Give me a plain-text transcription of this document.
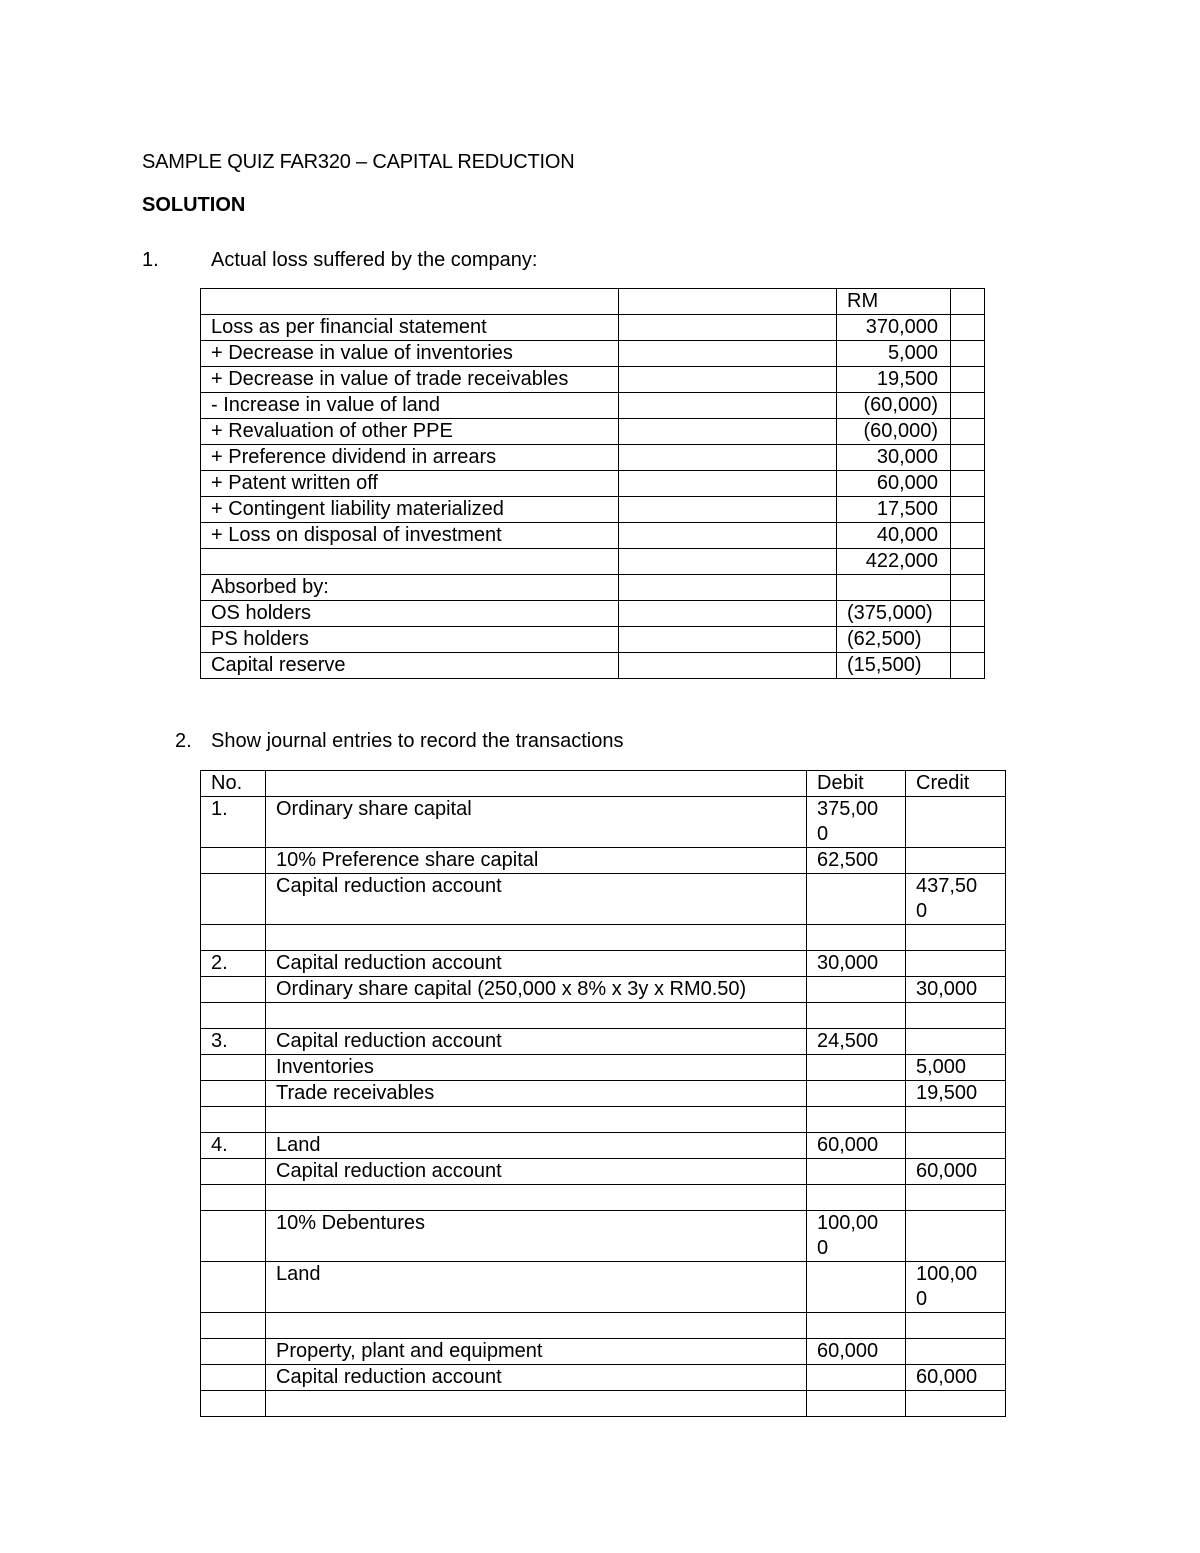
SAMPLE QUIZ FAR320 – CAPITAL REDUCTION
SOLUTION
1.	Actual loss suffered by the company:
		RM	
Loss as per financial statement		370,000	
+ Decrease in value of inventories		5,000	
+ Decrease in value of trade receivables		19,500	
- Increase in value of land		(60,000)	
+ Revaluation of other PPE		(60,000)	
+ Preference dividend in arrears		30,000	
+ Patent written off		60,000	
+ Contingent liability materialized		17,500	
+ Loss on disposal of investment		40,000	
		422,000	
Absorbed by:			
OS holders		(375,000)	
PS holders		(62,500)	
Capital reserve		(15,500)	
2. Show journal entries to record the transactions
No.		Debit	Credit
1.	Ordinary share capital	375,000	
	10% Preference share capital	62,500	
	Capital reduction account		437,500

2.	Capital reduction account	30,000	
	Ordinary share capital (250,000 x 8% x 3y x RM0.50)		30,000

3.	Capital reduction account	24,500	
	Inventories		5,000
	Trade receivables		19,500

4.	Land	60,000	
	Capital reduction account		60,000

	10% Debentures	100,000	
	Land		100,000

	Property, plant and equipment	60,000	
	Capital reduction account		60,000
